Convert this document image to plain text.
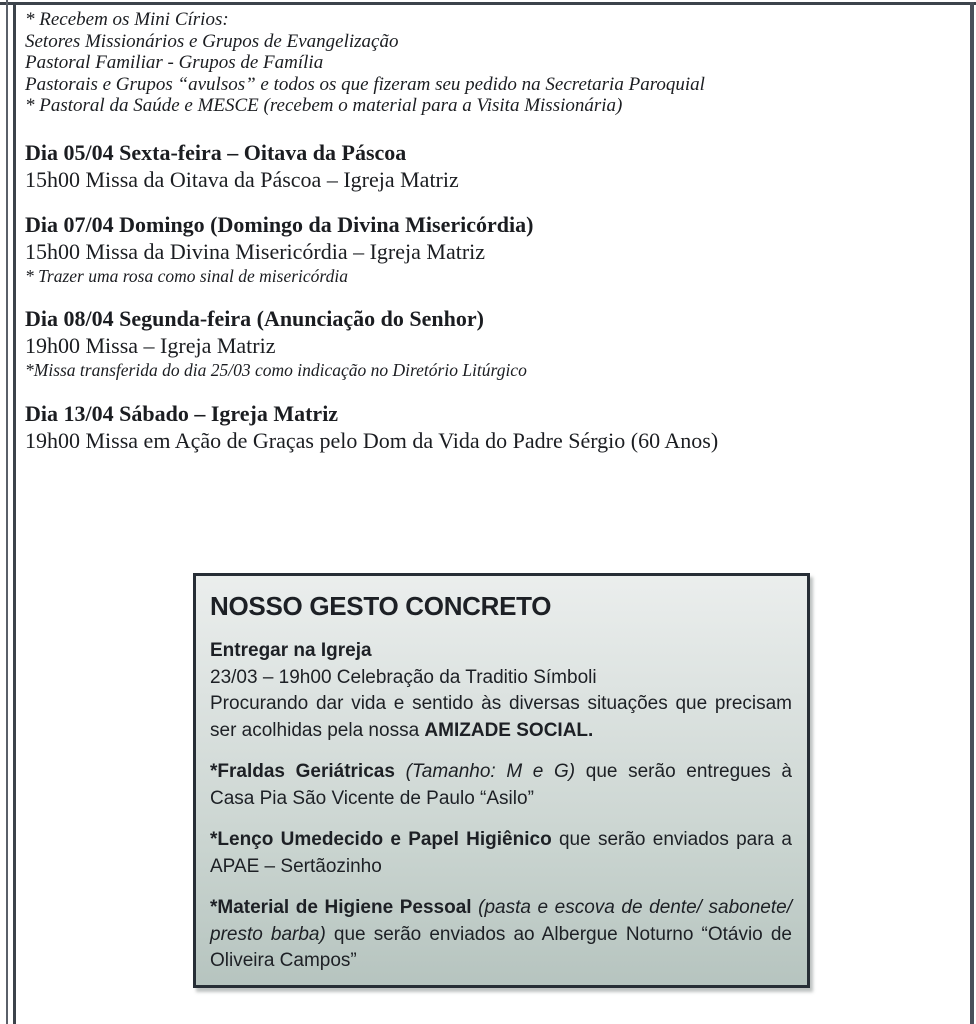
* Recebem os Mini Círios:
Setores Missionários e Grupos de Evangelização
Pastoral Familiar - Grupos de Família
Pastorais e Grupos “avulsos” e todos os que fizeram seu pedido na Secretaria Paroquial
* Pastoral da Saúde e MESCE (recebem o material para a Visita Missionária)
Dia 05/04 Sexta-feira – Oitava da Páscoa
15h00 Missa da Oitava da Páscoa – Igreja Matriz
Dia 07/04 Domingo (Domingo da Divina Misericórdia)
15h00 Missa da Divina Misericórdia – Igreja Matriz
* Trazer uma rosa como sinal de misericórdia
Dia 08/04 Segunda-feira (Anunciação do Senhor)
19h00 Missa – Igreja Matriz
*Missa transferida do dia 25/03 como indicação no Diretório Litúrgico
Dia 13/04 Sábado – Igreja Matriz
19h00 Missa em Ação de Graças pelo Dom da Vida do Padre Sérgio (60 Anos)
NOSSO GESTO CONCRETO
Entregar na Igreja
23/03 – 19h00 Celebração da Traditio Símboli
Procurando dar vida e sentido às diversas situações que precisam ser acolhidas pela nossa AMIZADE SOCIAL.
*Fraldas Geriátricas (Tamanho: M e G) que serão entregues à Casa Pia São Vicente de Paulo “Asilo”
*Lenço Umedecido e Papel Higiênico que serão enviados para a APAE – Sertãozinho
*Material de Higiene Pessoal (pasta e escova de dente/ sabonete/ presto barba) que serão enviados ao Albergue Noturno “Otávio de Oliveira Campos”
